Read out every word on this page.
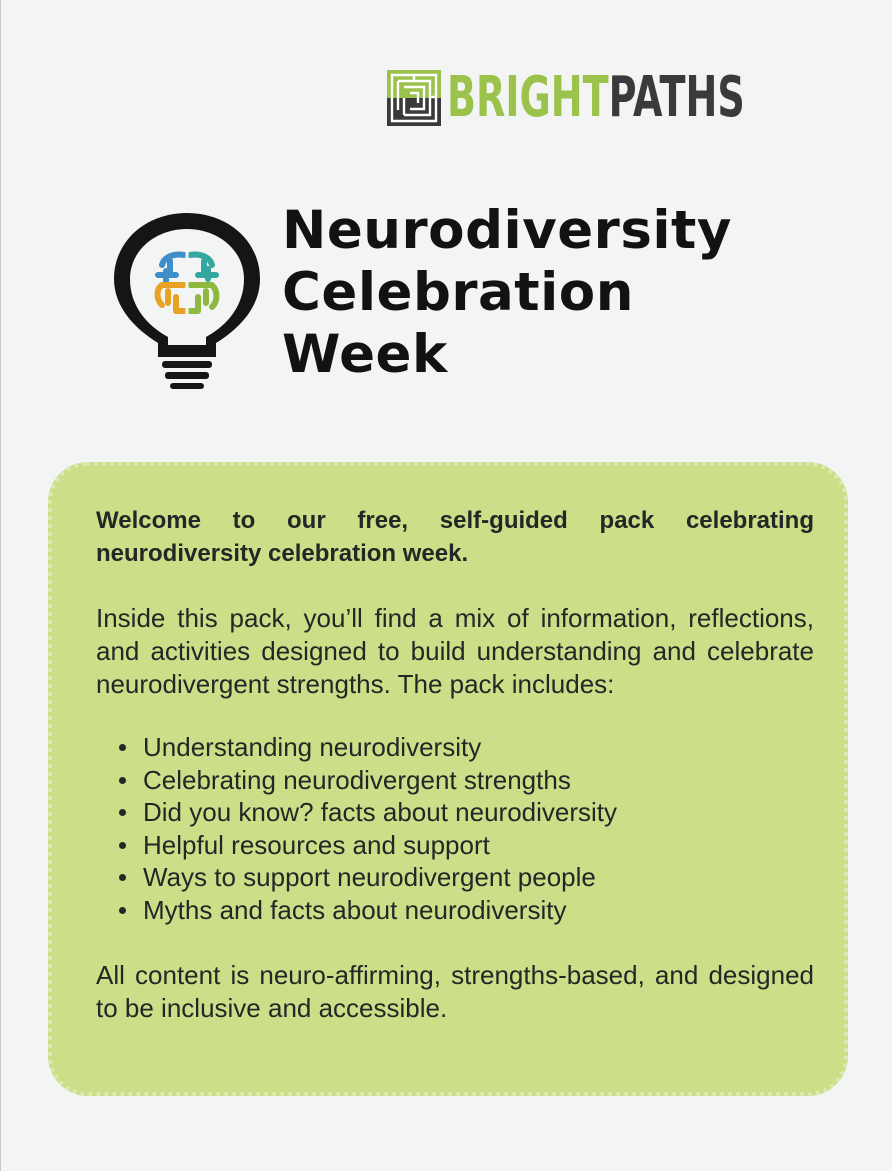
BRIGHTPATHS
Neurodiversity
Celebration
Week

Welcome to our free, self-guided pack celebrating neurodiversity celebration week.

Inside this pack, you’ll find a mix of information, reflections, and activities designed to build understanding and celebrate neurodivergent strengths. The pack includes:

Understanding neurodiversity
Celebrating neurodivergent strengths
Did you know? facts about neurodiversity
Helpful resources and support
Ways to support neurodivergent people
Myths and facts about neurodiversity

All content is neuro-affirming, strengths-based, and designed to be inclusive and accessible.
